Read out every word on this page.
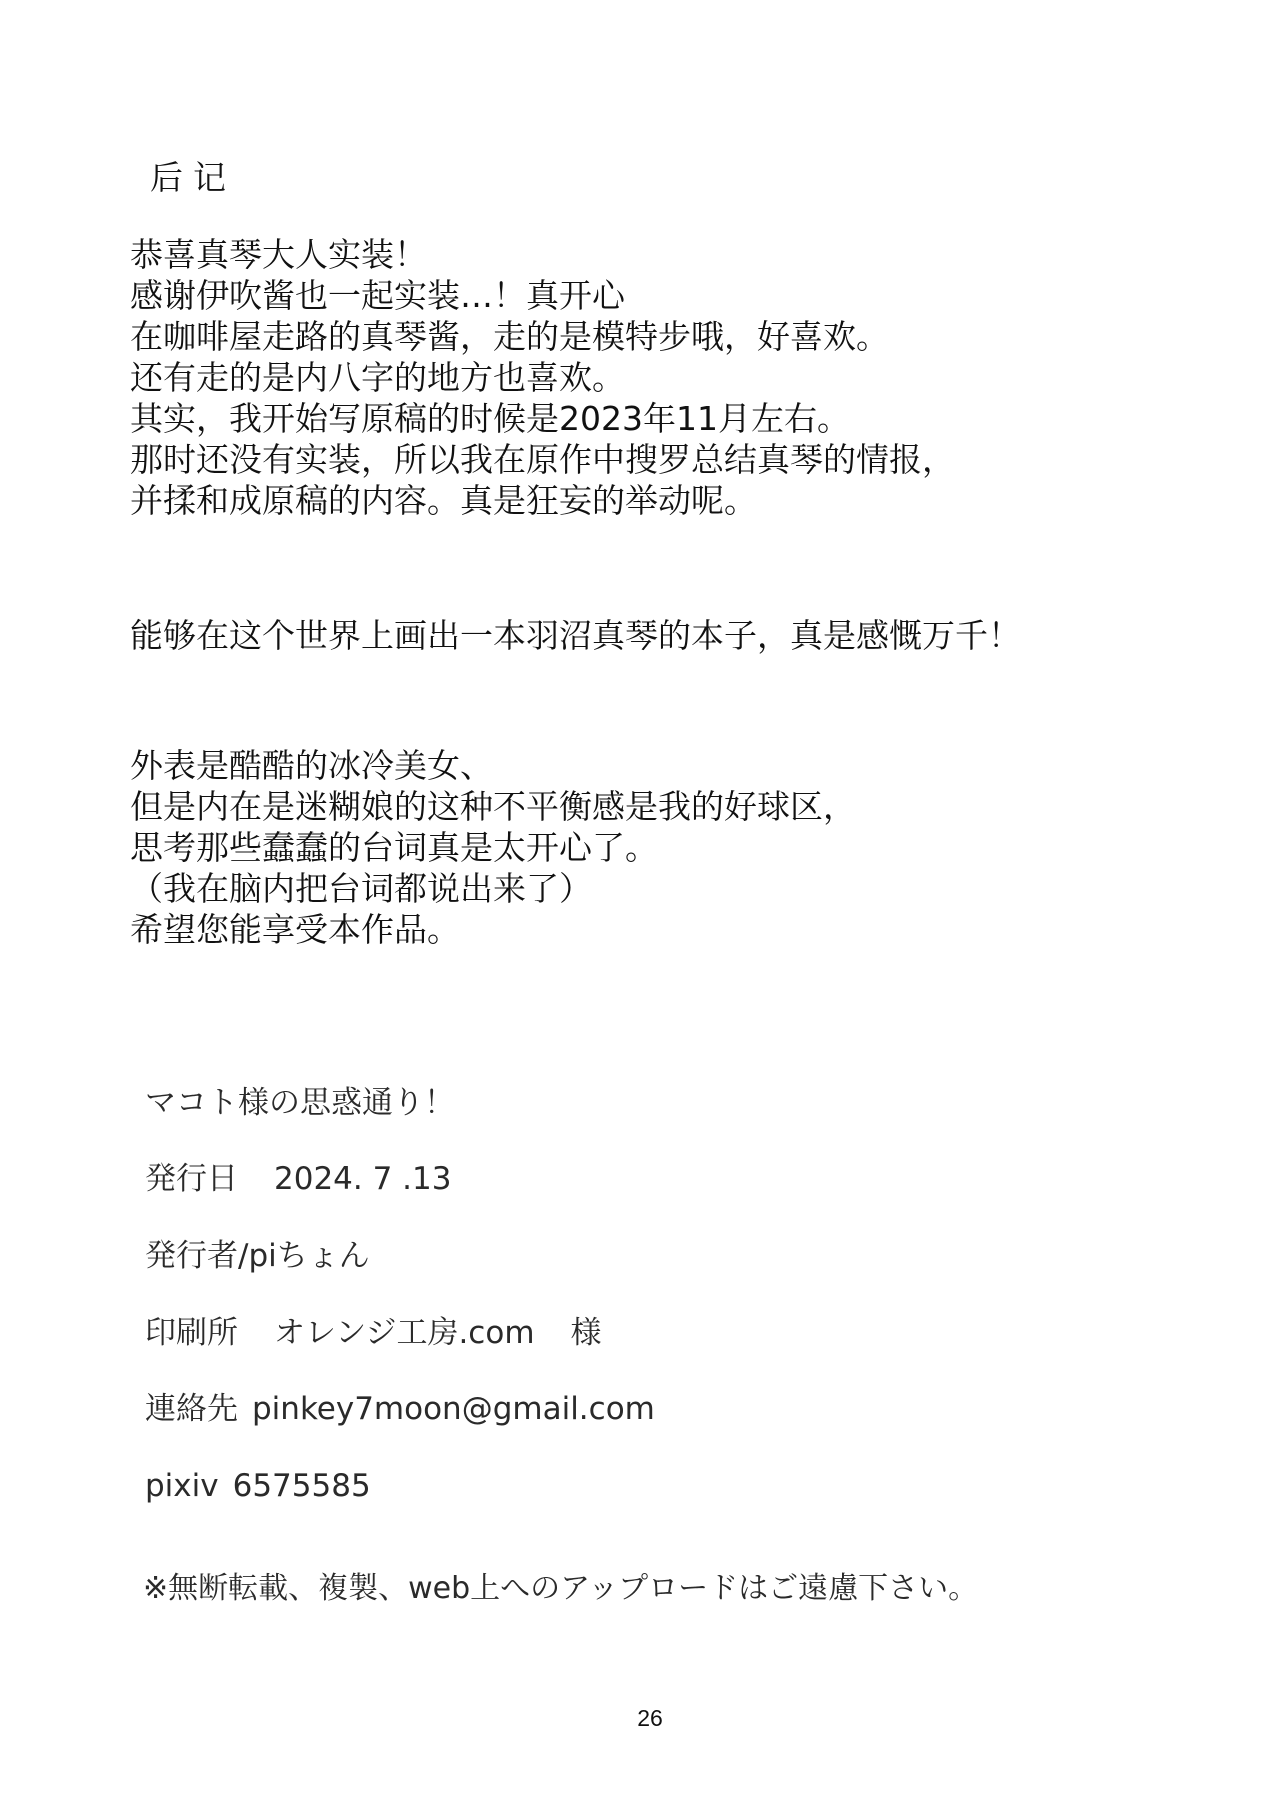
后记
恭喜真琴大人实装！
感谢伊吹酱也一起实装…！真开心
在咖啡屋走路的真琴酱，走的是模特步哦，好喜欢。
还有走的是内八字的地方也喜欢。
其实，我开始写原稿的时候是2023年11月左右。
那时还没有实装，所以我在原作中搜罗总结真琴的情报，
并揉和成原稿的内容。真是狂妄的举动呢。
能够在这个世界上画出一本羽沼真琴的本子，真是感慨万千！
外表是酷酷的冰冷美女、
但是内在是迷糊娘的这种不平衡感是我的好球区，
思考那些蠢蠢的台词真是太开心了。
（我在脑内把台词都说出来了）
希望您能享受本作品。
マコト様の思惑通り！
発行日 2024. 7 .13
発行者/piちょん
印刷所 オレンジ工房.com 様
連絡先 pinkey7moon@gmail.com
pixiv 6575585
※無断転載、複製、web上へのアップロードはご遠慮下さい。
26
